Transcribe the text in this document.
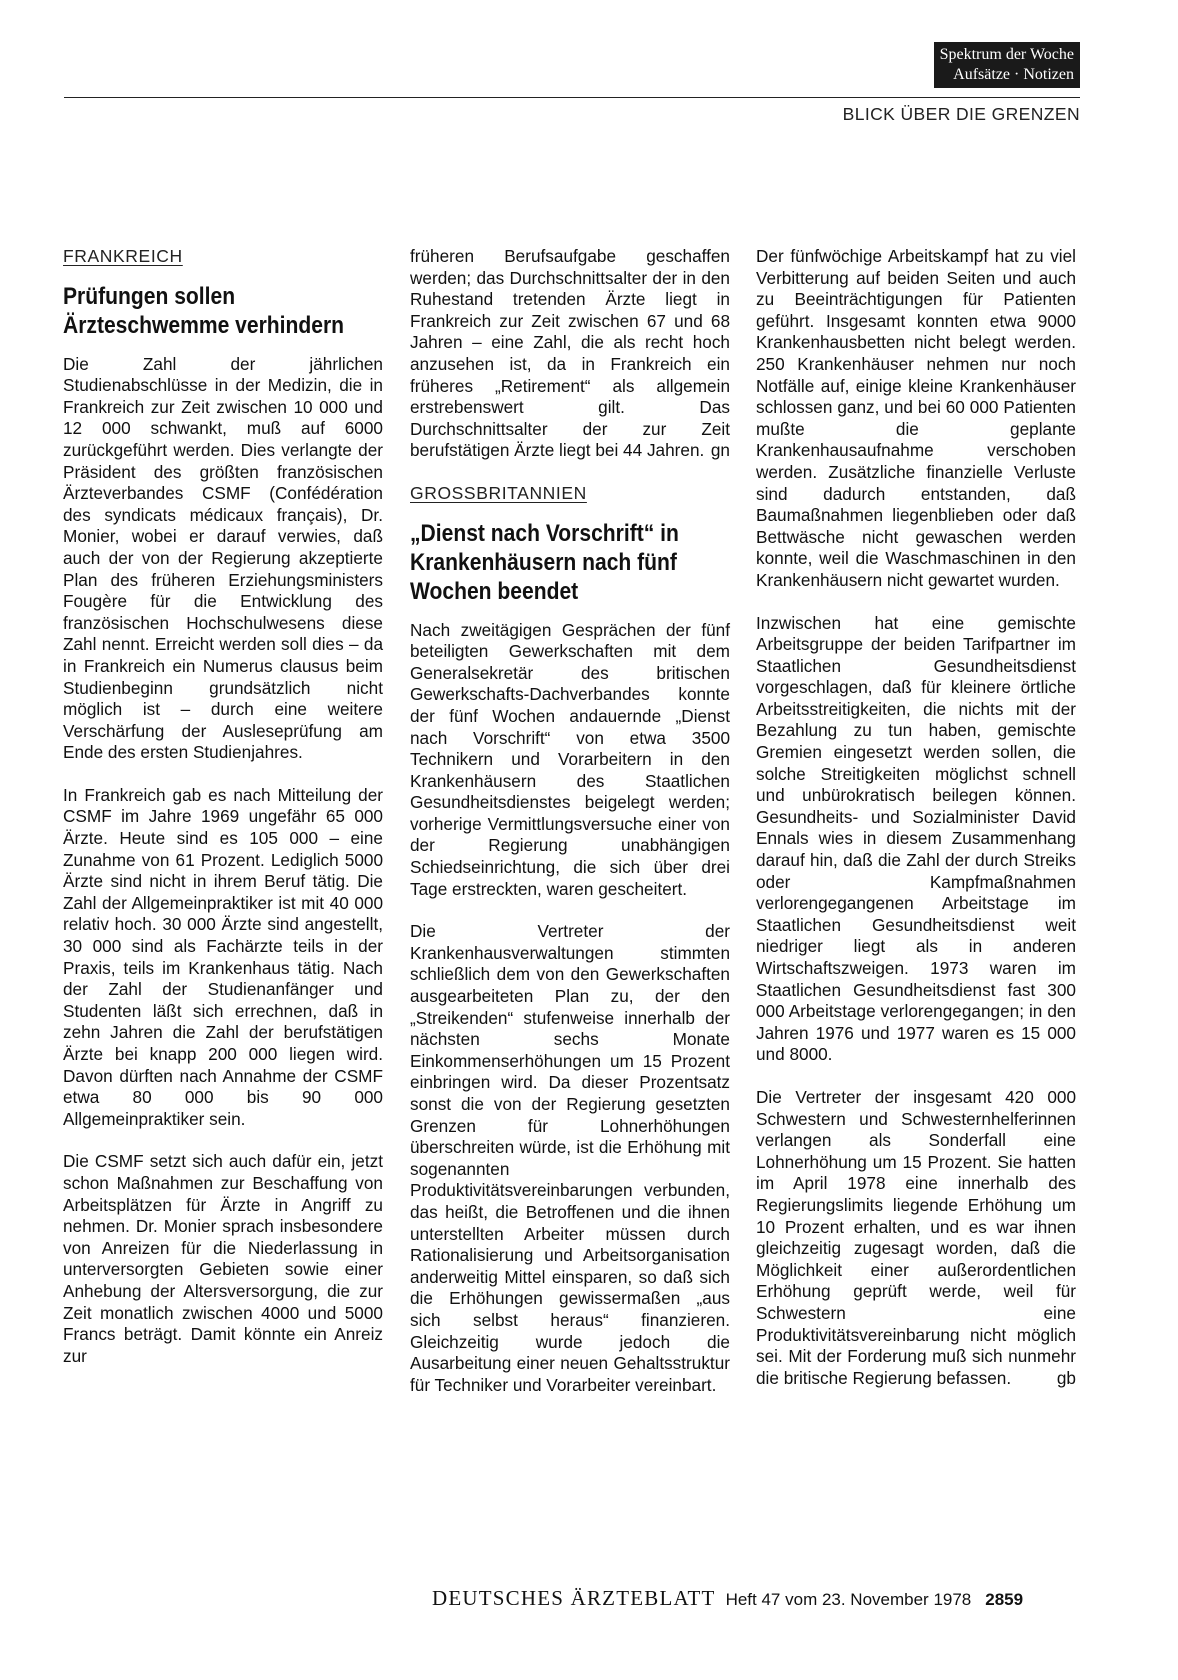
Spektrum der Woche
Aufsätze · Notizen
BLICK ÜBER DIE GRENZEN
FRANKREICH
Prüfungen sollen Ärzteschwemme verhindern

Die Zahl der jährlichen Studienabschlüsse in der Medizin, die in Frankreich zur Zeit zwischen 10 000 und 12 000 schwankt, muß auf 6000 zurückgeführt werden. Dies verlangte der Präsident des größten französischen Ärzteverbandes CSMF (Confédération des syndicats médicaux français), Dr. Monier, wobei er darauf verwies, daß auch der von der Regierung akzeptierte Plan des früheren Erziehungsministers Fougère für die Entwicklung des französischen Hochschulwesens diese Zahl nennt. Erreicht werden soll dies – da in Frankreich ein Numerus clausus beim Studienbeginn grundsätzlich nicht möglich ist – durch eine weitere Verschärfung der Ausleseprüfung am Ende des ersten Studienjahres.

In Frankreich gab es nach Mitteilung der CSMF im Jahre 1969 ungefähr 65 000 Ärzte. Heute sind es 105 000 – eine Zunahme von 61 Prozent. Lediglich 5000 Ärzte sind nicht in ihrem Beruf tätig. Die Zahl der Allgemeinpraktiker ist mit 40 000 relativ hoch. 30 000 Ärzte sind angestellt, 30 000 sind als Fachärzte teils in der Praxis, teils im Krankenhaus tätig. Nach der Zahl der Studienanfänger und Studenten läßt sich errechnen, daß in zehn Jahren die Zahl der berufstätigen Ärzte bei knapp 200 000 liegen wird. Davon dürften nach Annahme der CSMF etwa 80 000 bis 90 000 Allgemeinpraktiker sein.

Die CSMF setzt sich auch dafür ein, jetzt schon Maßnahmen zur Beschaffung von Arbeitsplätzen für Ärzte in Angriff zu nehmen. Dr. Monier sprach insbesondere von Anreizen für die Niederlassung in unterversorgten Gebieten sowie einer Anhebung der Altersversorgung, die zur Zeit monatlich zwischen 4000 und 5000 Francs beträgt. Damit könnte ein Anreiz zur

früheren Berufsaufgabe geschaffen werden; das Durchschnittsalter der in den Ruhestand tretenden Ärzte liegt in Frankreich zur Zeit zwischen 67 und 68 Jahren – eine Zahl, die als recht hoch anzusehen ist, da in Frankreich ein früheres „Retirement“ als allgemein erstrebenswert gilt. Das Durchschnittsalter der zur Zeit berufstätigen Ärzte liegt bei 44 Jahren. gn

GROSSBRITANNIEN
„Dienst nach Vorschrift“ in Krankenhäusern nach fünf Wochen beendet

Nach zweitägigen Gesprächen der fünf beteiligten Gewerkschaften mit dem Generalsekretär des britischen Gewerkschafts-Dachverbandes konnte der fünf Wochen andauernde „Dienst nach Vorschrift“ von etwa 3500 Technikern und Vorarbeitern in den Krankenhäusern des Staatlichen Gesundheitsdienstes beigelegt werden; vorherige Vermittlungsversuche einer von der Regierung unabhängigen Schiedseinrichtung, die sich über drei Tage erstreckten, waren gescheitert.

Die Vertreter der Krankenhausverwaltungen stimmten schließlich dem von den Gewerkschaften ausgearbeiteten Plan zu, der den „Streikenden“ stufenweise innerhalb der nächsten sechs Monate Einkommenserhöhungen um 15 Prozent einbringen wird. Da dieser Prozentsatz sonst die von der Regierung gesetzten Grenzen für Lohnerhöhungen überschreiten würde, ist die Erhöhung mit sogenannten Produktivitätsvereinbarungen verbunden, das heißt, die Betroffenen und die ihnen unterstellten Arbeiter müssen durch Rationalisierung und Arbeitsorganisation anderweitig Mittel einsparen, so daß sich die Erhöhungen gewissermaßen „aus sich selbst heraus“ finanzieren. Gleichzeitig wurde jedoch die Ausarbeitung einer neuen Gehaltsstruktur für Techniker und Vorarbeiter vereinbart.

Der fünfwöchige Arbeitskampf hat zu viel Verbitterung auf beiden Seiten und auch zu Beeinträchtigungen für Patienten geführt. Insgesamt konnten etwa 9000 Krankenhausbetten nicht belegt werden. 250 Krankenhäuser nehmen nur noch Notfälle auf, einige kleine Krankenhäuser schlossen ganz, und bei 60 000 Patienten mußte die geplante Krankenhausaufnahme verschoben werden. Zusätzliche finanzielle Verluste sind dadurch entstanden, daß Baumaßnahmen liegenblieben oder daß Bettwäsche nicht gewaschen werden konnte, weil die Waschmaschinen in den Krankenhäusern nicht gewartet wurden.

Inzwischen hat eine gemischte Arbeitsgruppe der beiden Tarifpartner im Staatlichen Gesundheitsdienst vorgeschlagen, daß für kleinere örtliche Arbeitsstreitigkeiten, die nichts mit der Bezahlung zu tun haben, gemischte Gremien eingesetzt werden sollen, die solche Streitigkeiten möglichst schnell und unbürokratisch beilegen können. Gesundheits- und Sozialminister David Ennals wies in diesem Zusammenhang darauf hin, daß die Zahl der durch Streiks oder Kampfmaßnahmen verlorengegangenen Arbeitstage im Staatlichen Gesundheitsdienst weit niedriger liegt als in anderen Wirtschaftszweigen. 1973 waren im Staatlichen Gesundheitsdienst fast 300 000 Arbeitstage verlorengegangen; in den Jahren 1976 und 1977 waren es 15 000 und 8000.

Die Vertreter der insgesamt 420 000 Schwestern und Schwesternhelferinnen verlangen als Sonderfall eine Lohnerhöhung um 15 Prozent. Sie hatten im April 1978 eine innerhalb des Regierungslimits liegende Erhöhung um 10 Prozent erhalten, und es war ihnen gleichzeitig zugesagt worden, daß die Möglichkeit einer außerordentlichen Erhöhung geprüft werde, weil für Schwestern eine Produktivitätsvereinbarung nicht möglich sei. Mit der Forderung muß sich nunmehr die britische Regierung befassen.	gb

DEUTSCHES ÄRZTEBLATT Heft 47 vom 23. November 1978 2859
